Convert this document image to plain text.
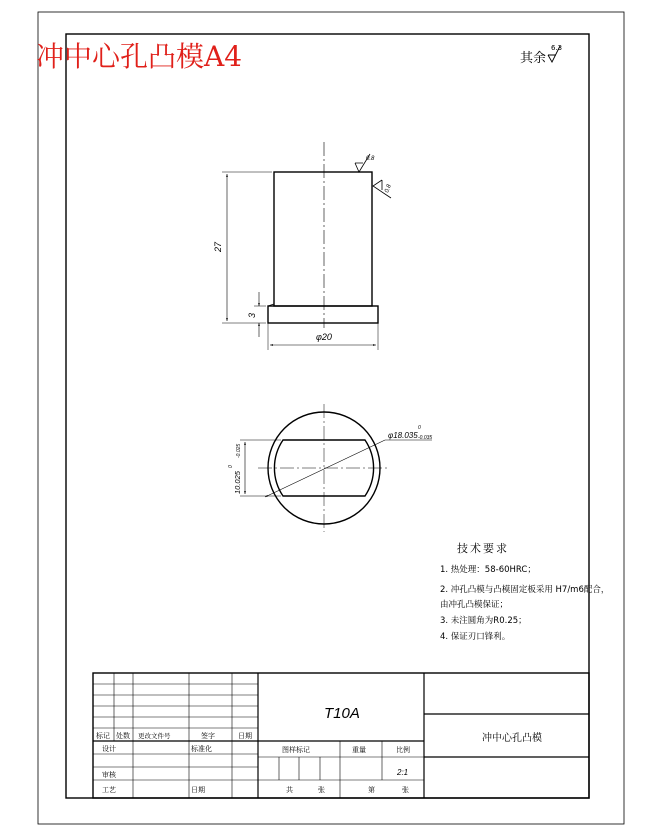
冲中心孔凸模A4	其余
6.3
27
3
φ20
0.8
0.8
φ18.035
0
-0.035
10.025
0
-0.025
技术要求
1. 热处理：58-60HRC；
2. 冲孔凸模与凸模固定板采用 H7/m6配合，
由冲孔凸模保证；
3. 未注圆角为R0.25；
4. 保证刃口锋利。
T10A
冲中心孔凸模
标记 处数 更改文件号	签字	日期
设计	标准化
审核
工艺	日期
图样标记	重量	比例
2:1
共	张	第	张
